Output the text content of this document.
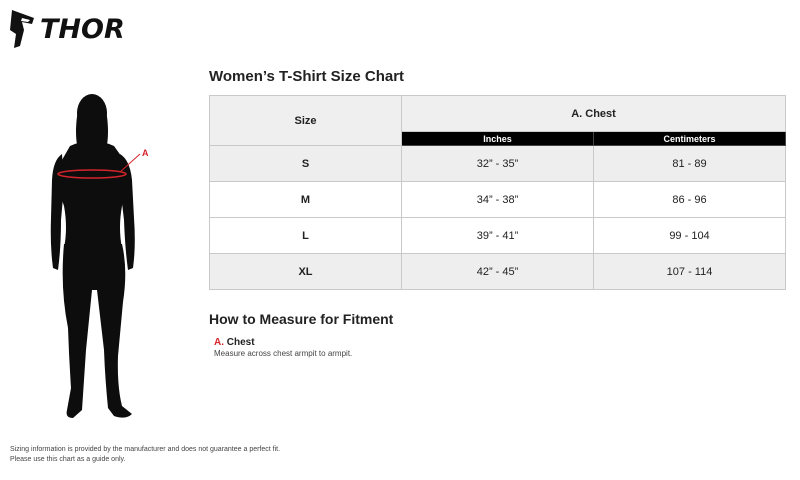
THOR
A
Women’s T-Shirt Size Chart
Size	A. Chest	
	Inches	Centimeters
S	32” - 35”	81 - 89
M	34” - 38”	86 - 96
L	39” - 41”	99 - 104
XL	42” - 45”	107 - 114
How to Measure for Fitment
A. Chest
Measure across chest armpit to armpit.
Sizing information is provided by the manufacturer and does not guarantee a perfect fit.
Please use this chart as a guide only.
